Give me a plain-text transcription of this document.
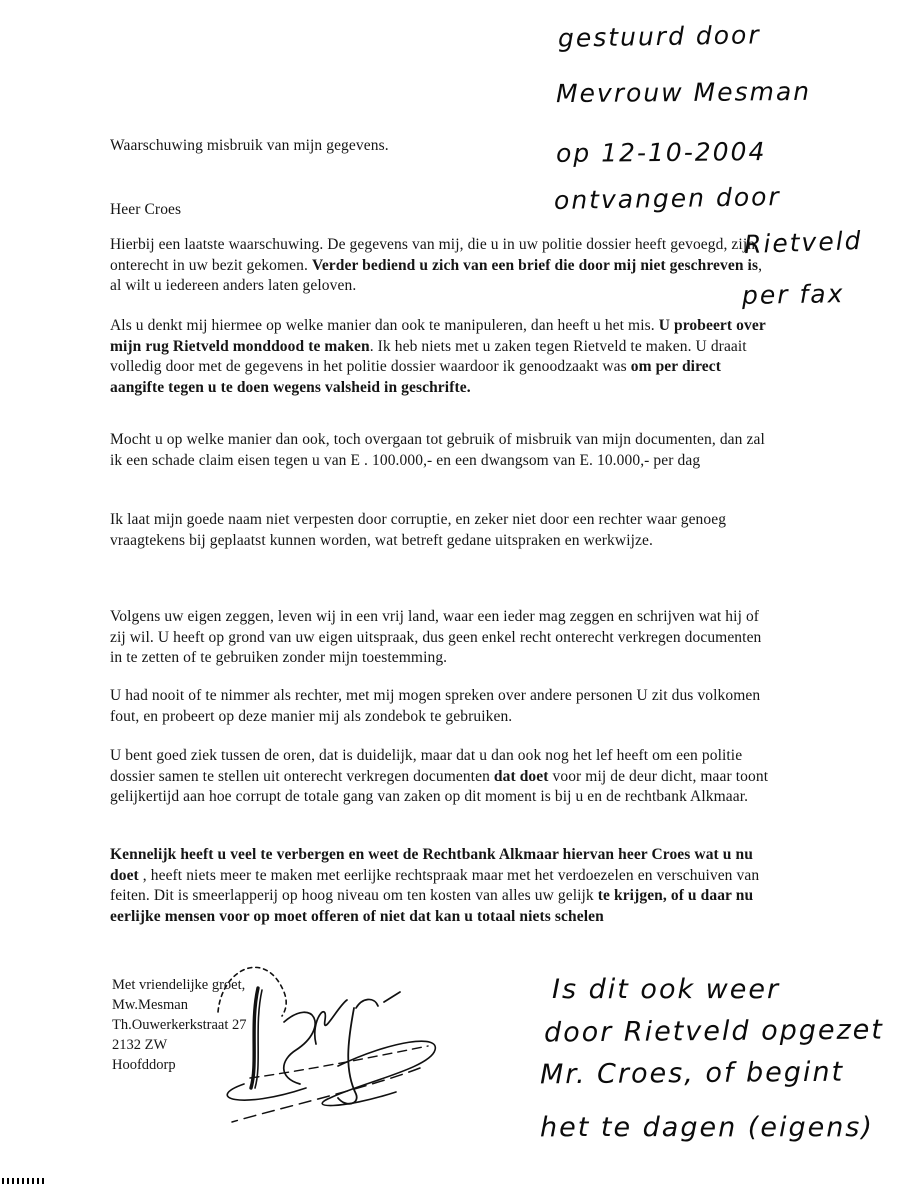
Waarschuwing misbruik van mijn gegevens.
Heer Croes
Hierbij een laatste waarschuwing. De gegevens van mij, die u in uw politie dossier heeft gevoegd, zijn onterecht in uw bezit gekomen. Verder bediend u zich van een brief die door mij niet geschreven is, al wilt u iedereen anders laten geloven.
Als u denkt mij hiermee op welke manier dan ook te manipuleren, dan heeft u het mis. U probeert over mijn rug Rietveld monddood te maken. Ik heb niets met u zaken tegen Rietveld te maken. U draait volledig door met de gegevens in het politie dossier waardoor ik genoodzaakt was om per direct aangifte tegen u te doen wegens valsheid in geschrifte.
Mocht u op welke manier dan ook, toch overgaan tot gebruik of misbruik van mijn documenten, dan zal ik een schade claim eisen tegen u van E . 100.000,- en een dwangsom van E. 10.000,- per dag
Ik laat mijn goede naam niet verpesten door corruptie, en zeker niet door een rechter waar genoeg vraagtekens bij geplaatst kunnen worden, wat betreft gedane uitspraken en werkwijze.
Volgens uw eigen zeggen, leven wij in een vrij land, waar een ieder mag zeggen en schrijven wat hij of zij wil. U heeft op grond van uw eigen uitspraak, dus geen enkel recht onterecht verkregen documenten in te zetten of te gebruiken zonder mijn toestemming.
U had nooit of te nimmer als rechter, met mij mogen spreken over andere personen U zit dus volkomen fout, en probeert op deze manier mij als zondebok te gebruiken.
U bent goed ziek tussen de oren, dat is duidelijk, maar dat u dan ook nog het lef heeft om een politie dossier samen te stellen uit onterecht verkregen documenten dat doet voor mij de deur dicht, maar toont gelijkertijd aan hoe corrupt de totale gang van zaken op dit moment is bij u en de rechtbank Alkmaar.
Kennelijk heeft u veel te verbergen en weet de Rechtbank Alkmaar hiervan heer Croes wat u nu doet , heeft niets meer te maken met eerlijke rechtspraak maar met het verdoezelen en verschuiven van feiten. Dit is smeerlapperij op hoog niveau om ten kosten van alles uw gelijk te krijgen, of u daar nu eerlijke mensen voor op moet offeren of niet dat kan u totaal niets schelen
Met vriendelijke groet,
Mw.Mesman
Th.Ouwerkerkstraat 27
2132 ZW
Hoofddorp
gestuurd door
Mevrouw Mesman
op 12-10-2004
ontvangen door
Rietveld
per fax
Is dit ook weer
door Rietveld opgezet
Mr. Croes, of begint
het te dagen (eigens)
